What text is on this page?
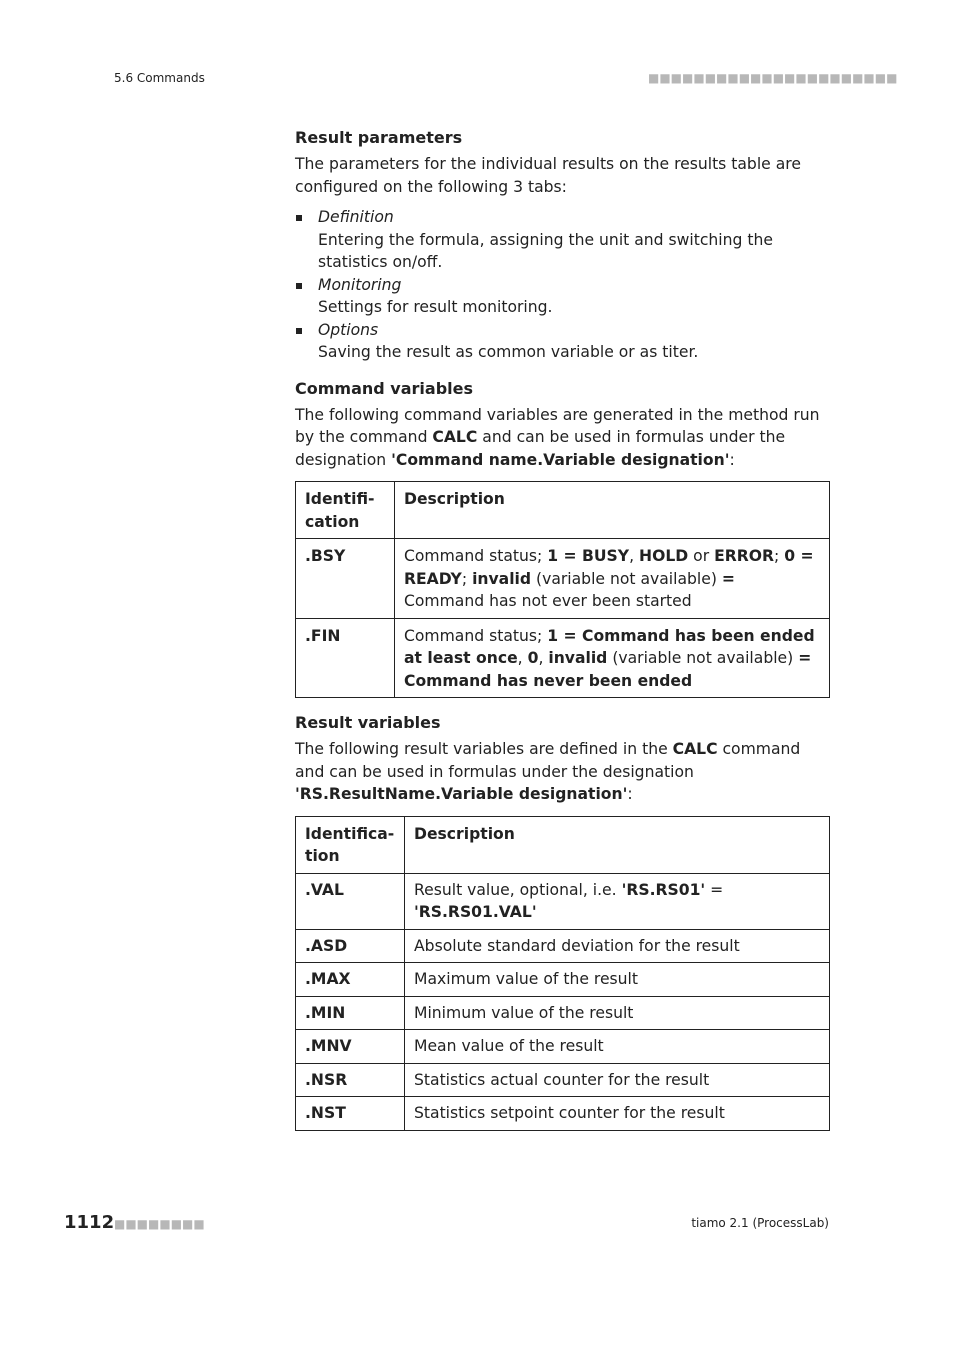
5.6 Commands	■■■■■■■■■■■■■■■■■■■■■■
Result parameters

The parameters for the individual results on the results table are configured on the following 3 tabs:

Definition
Entering the formula, assigning the unit and switching the statistics on/off.
Monitoring
Settings for result monitoring.
Options
Saving the result as common variable or as titer.
Command variables

The following command variables are generated in the method run by the command CALC and can be used in formulas under the designation 'Command name.Variable designation':

Identifi-cation	Description
.BSY	Command status; 1 = BUSY, HOLD or ERROR; 0 = READY; invalid (variable not available) = Command has not ever been started
.FIN	Command status; 1 = Command has been ended at least once, 0, invalid (variable not available) = Command has never been ended
Result variables

The following result variables are defined in the CALC command and can be used in formulas under the designation 'RS.ResultName.Variable designation':

Identifica-tion	Description
.VAL	Result value, optional, i.e. 'RS.RS01' = 'RS.RS01.VAL'
.ASD	Absolute standard deviation for the result
.MAX	Maximum value of the result
.MIN	Minimum value of the result
.MNV	Mean value of the result
.NSR	Statistics actual counter for the result
.NST	Statistics setpoint counter for the result
1112 ■■■■■■■■	tiamo 2.1 (ProcessLab)
